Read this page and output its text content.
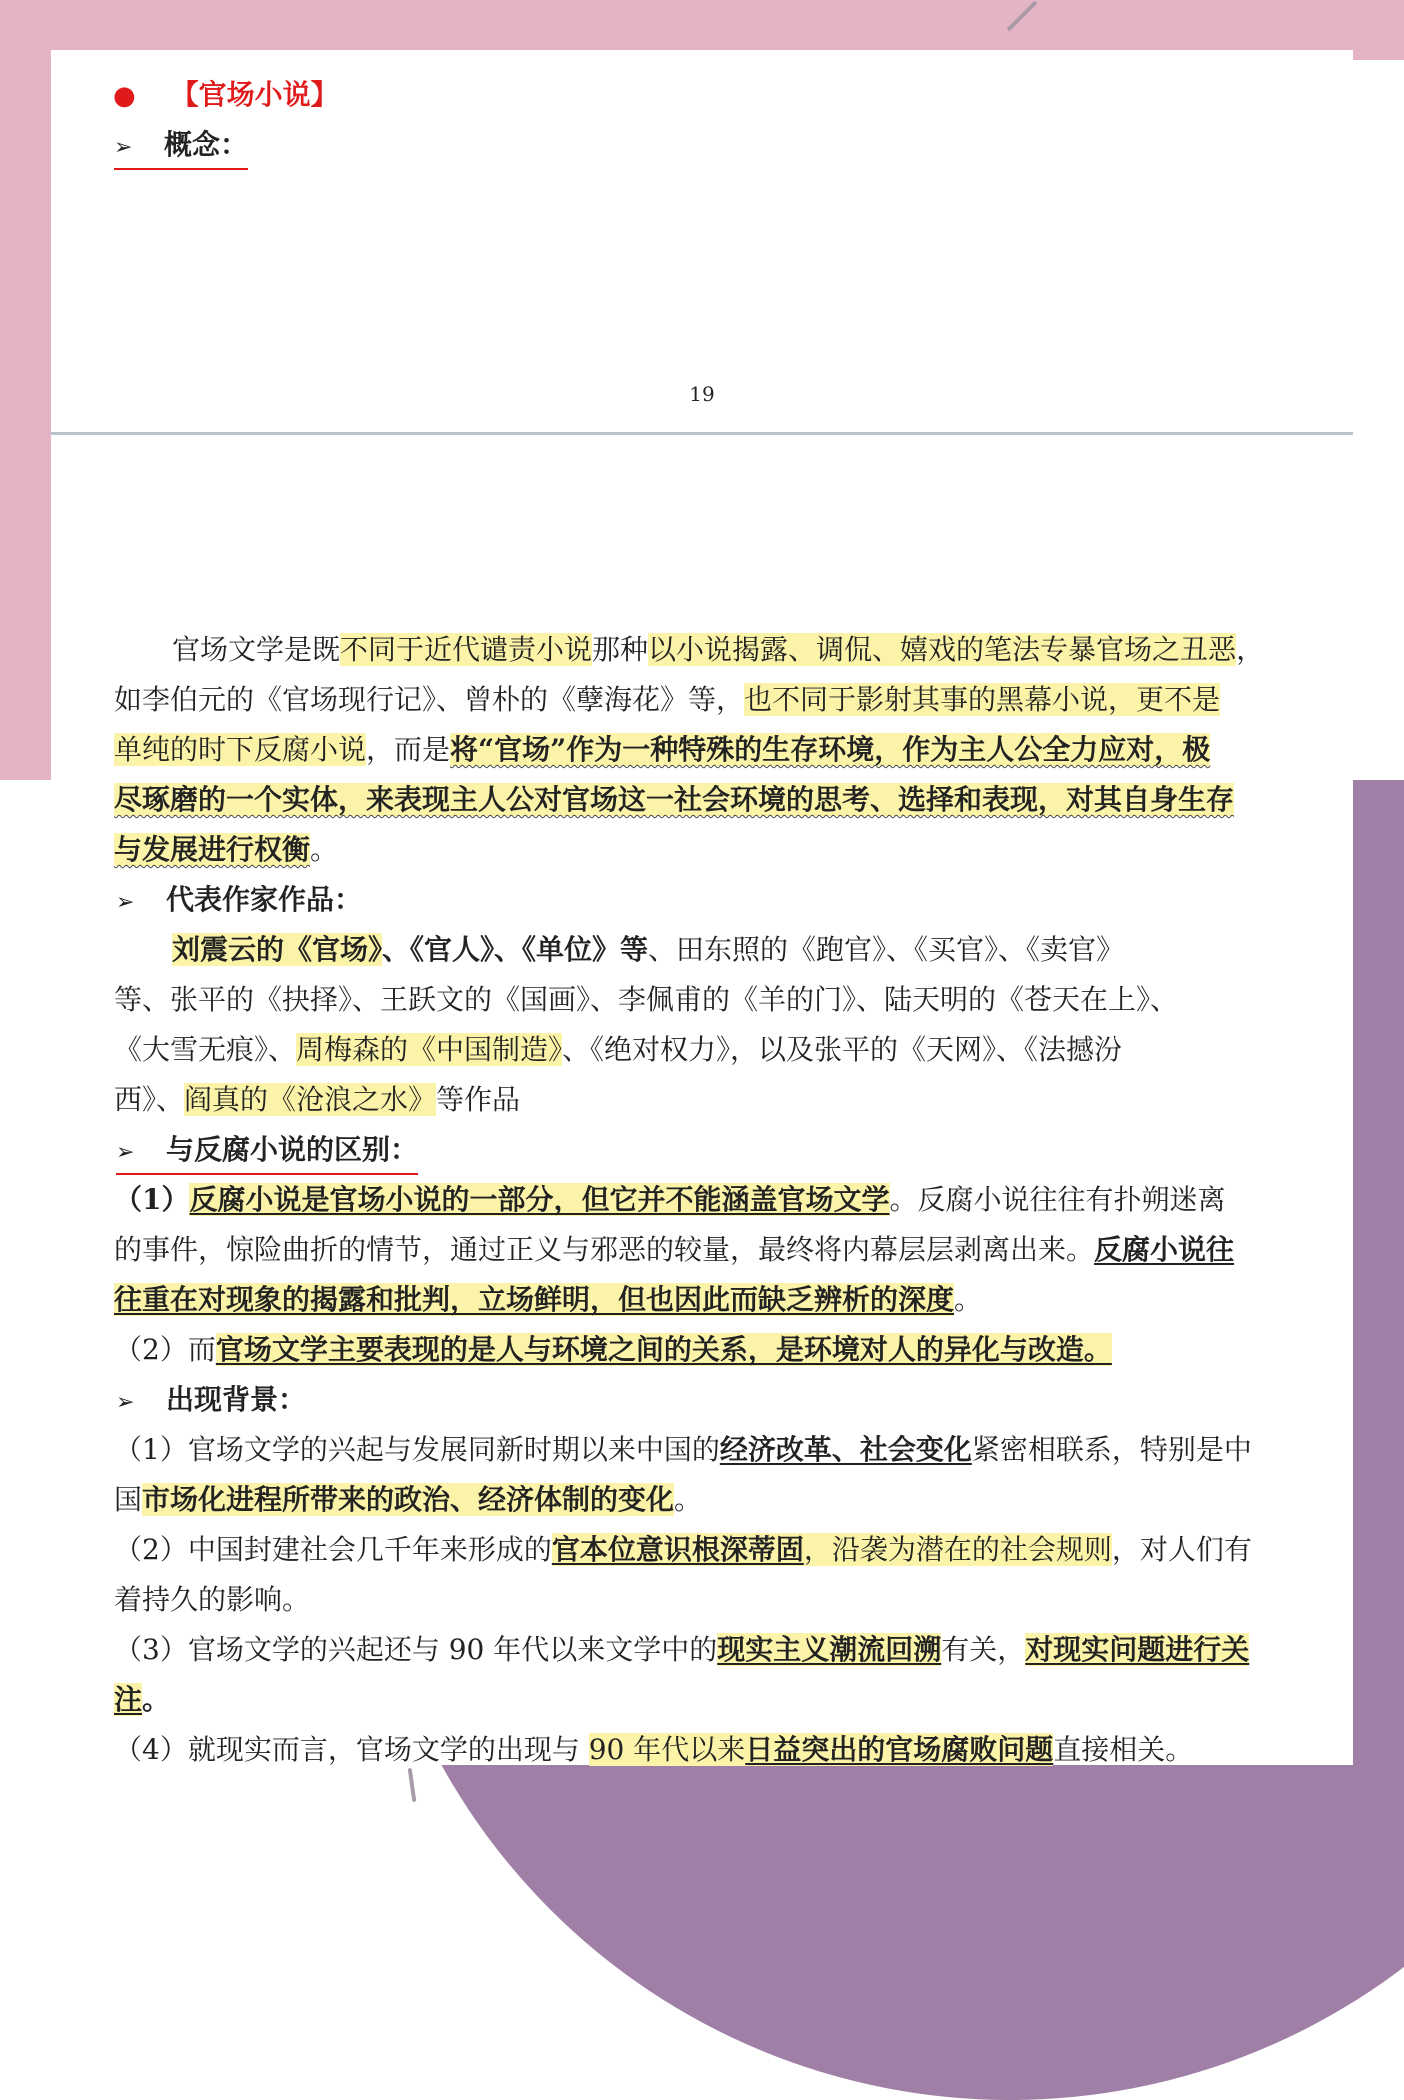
● 【官场小说】
➢ 概念：
19
官场文学是既不同于近代谴责小说那种以小说揭露、调侃、嬉戏的笔法专暴官场之丑恶，
如李伯元的《官场现行记》、曾朴的《孽海花》等，也不同于影射其事的黑幕小说，更不是
单纯的时下反腐小说，而是将“官场”作为一种特殊的生存环境，作为主人公全力应对，极
尽琢磨的一个实体，来表现主人公对官场这一社会环境的思考、选择和表现，对其自身生存
与发展进行权衡。
➢ 代表作家作品：
刘震云的《官场》、《官人》、《单位》等、田东照的《跑官》、《买官》、《卖官》
等、张平的《抉择》、王跃文的《国画》、李佩甫的《羊的门》、陆天明的《苍天在上》、
《大雪无痕》、周梅森的《中国制造》、《绝对权力》，以及张平的《天网》、《法撼汾
西》、阎真的《沧浪之水》等作品
➢ 与反腐小说的区别：
（1）反腐小说是官场小说的一部分，但它并不能涵盖官场文学。反腐小说往往有扑朔迷离
的事件，惊险曲折的情节，通过正义与邪恶的较量，最终将内幕层层剥离出来。反腐小说往
往重在对现象的揭露和批判，立场鲜明，但也因此而缺乏辨析的深度。
（2）而官场文学主要表现的是人与环境之间的关系，是环境对人的异化与改造。
➢ 出现背景：
（1）官场文学的兴起与发展同新时期以来中国的经济改革、社会变化紧密相联系，特别是中
国市场化进程所带来的政治、经济体制的变化。
（2）中国封建社会几千年来形成的官本位意识根深蒂固，沿袭为潜在的社会规则，对人们有
着持久的影响。
（3）官场文学的兴起还与 90 年代以来文学中的现实主义潮流回溯有关，对现实问题进行关
注。
（4）就现实而言，官场文学的出现与 90 年代以来日益突出的官场腐败问题直接相关。
